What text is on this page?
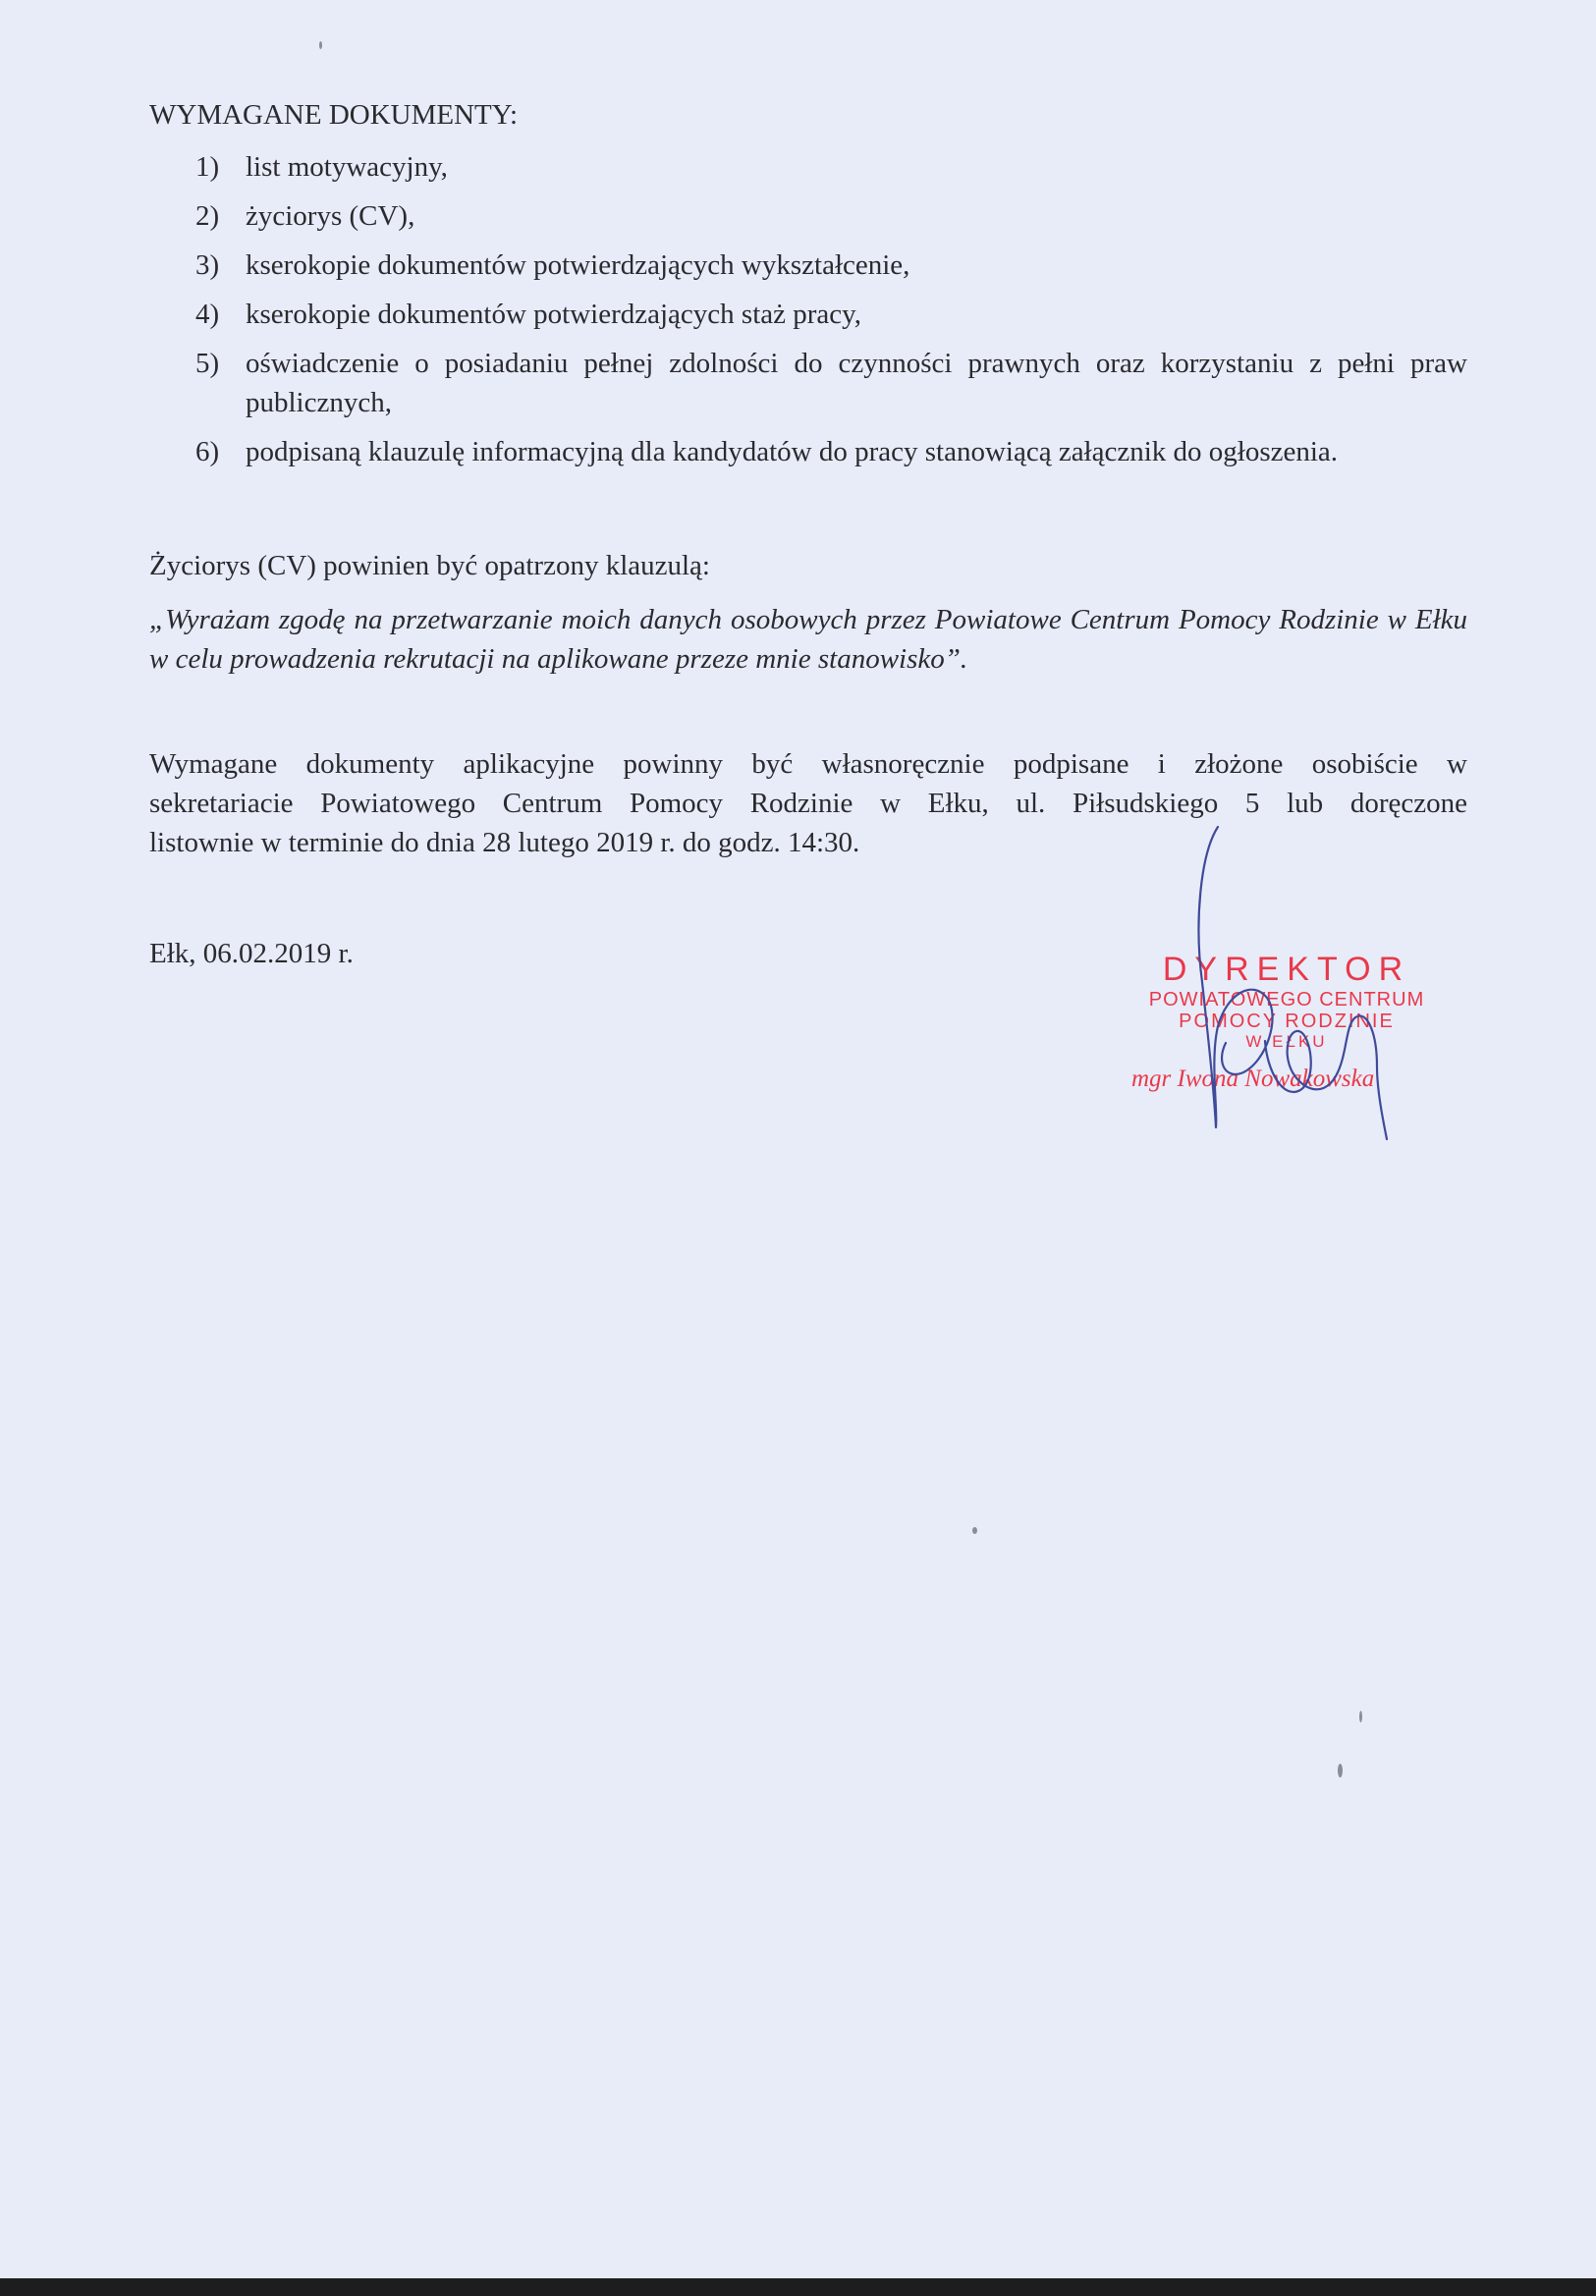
WYMAGANE DOKUMENTY:
1) list motywacyjny,
2) życiorys (CV),
3) kserokopie dokumentów potwierdzających wykształcenie,
4) kserokopie dokumentów potwierdzających staż pracy,
5) oświadczenie o posiadaniu pełnej zdolności do czynności prawnych oraz korzystaniu z pełni praw publicznych,
6) podpisaną klauzulę informacyjną dla kandydatów do pracy stanowiącą załącznik do ogłoszenia.
Życiorys (CV) powinien być opatrzony klauzulą:
„Wyrażam zgodę na przetwarzanie moich danych osobowych przez Powiatowe Centrum Pomocy Rodzinie w Ełku w celu prowadzenia rekrutacji na aplikowane przeze mnie stanowisko”.
Wymagane dokumenty aplikacyjne powinny być własnoręcznie podpisane i złożone osobiście w
sekretariacie Powiatowego Centrum Pomocy Rodzinie w Ełku, ul. Piłsudskiego 5 lub doręczone
listownie w terminie do dnia 28 lutego 2019 r. do godz. 14:30.
Ełk, 06.02.2019 r.	DYREKTOR
POWIATOWEGO CENTRUM
POMOCY RODZINIE
W EŁKU
mgr Iwona Nowakowska
